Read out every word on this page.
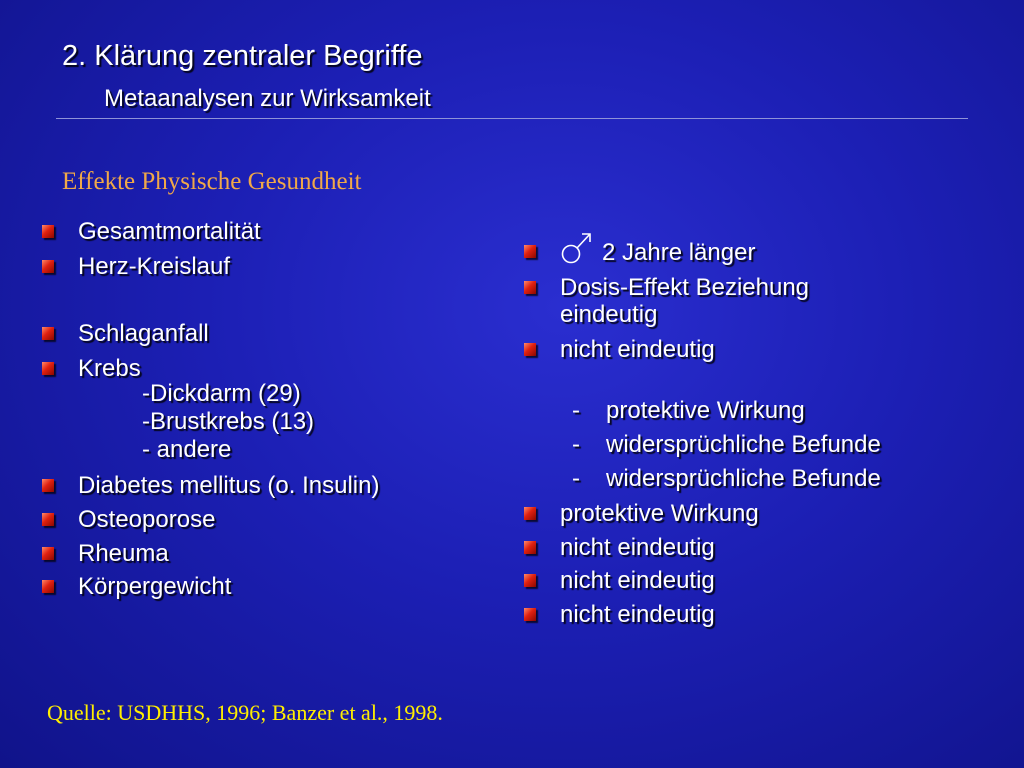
2. Klärung zentraler Begriffe
Metaanalysen zur Wirksamkeit
Effekte Physische Gesundheit
Gesamtmortalität
Herz-Kreislauf
Schlaganfall
Krebs
-Dickdarm (29)
-Brustkrebs (13)
- andere
Diabetes mellitus (o. Insulin)
Osteoporose
Rheuma
Körpergewicht
2 Jahre länger
Dosis-Effekt Beziehung
eindeutig
nicht eindeutig
- protektive Wirkung
- widersprüchliche Befunde
- widersprüchliche Befunde
protektive Wirkung
nicht eindeutig
nicht eindeutig
nicht eindeutig
Quelle: USDHHS, 1996; Banzer et al., 1998.
